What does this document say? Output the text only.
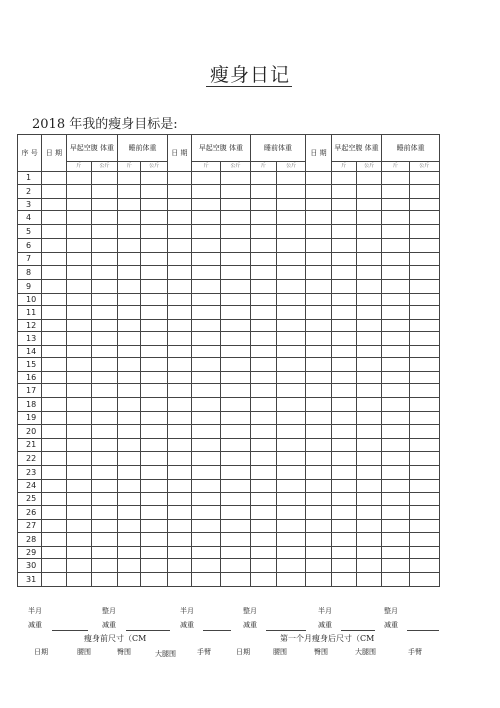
瘦身日记
2018 年我的瘦身目标是:
序 号	日 期	早起空腹 体重		睡前体重		日 期	早起空腹 体重		睡前体重		日 期	早起空腹 体重		睡前体重	
		斤	公斤	斤	公斤		斤	公斤	斤	公斤		斤	公斤	斤	公斤
1															
2															
3															
4															
5															
6															
7															
8															
9															
10															
11															
12															
13															
14															
15															
16															
17															
18															
19															
20															
21															
22															
23															
24															
25															
26															
27															
28															
29															
30															
31															
半月	整月	半月	整月	半月	整月
减重	减重	减重	减重	减重	减重
瘦身前尺寸（CM	第一个月瘦身后尺寸（CM
日期	腰围	臀围	大腿围	手臂	日期	腰围	臀围	大腿围	手臂
